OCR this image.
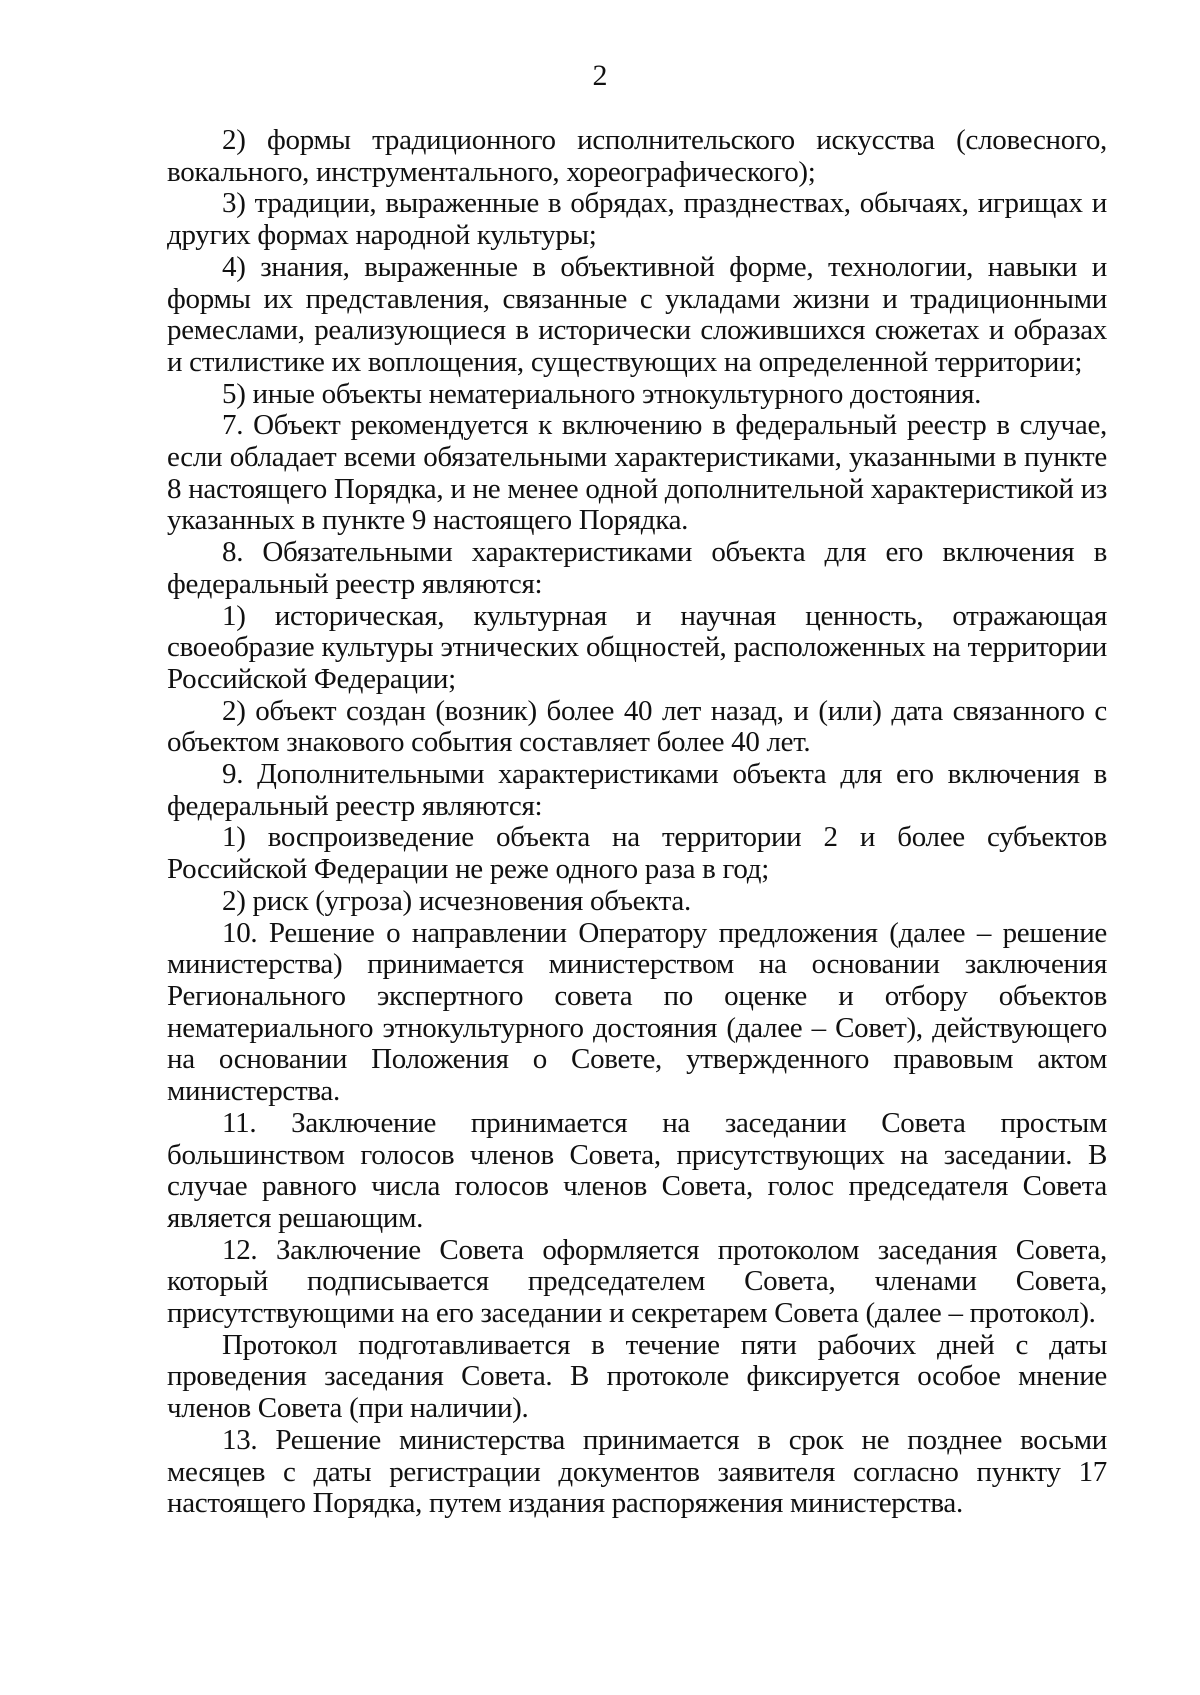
2

2) формы традиционного исполнительского искусства (словесного, вокального, инструментального, хореографического);

3) традиции, выраженные в обрядах, празднествах, обычаях, игрищах и других формах народной культуры;

4) знания, выраженные в объективной форме, технологии, навыки и формы их представления, связанные с укладами жизни и традиционными ремеслами, реализующиеся в исторически сложившихся сюжетах и образах и стилистике их воплощения, существующих на определенной территории;

5) иные объекты нематериального этнокультурного достояния.

7. Объект рекомендуется к включению в федеральный реестр в случае, если обладает всеми обязательными характеристиками, указанными в пункте 8 настоящего Порядка, и не менее одной дополнительной характеристикой из указанных в пункте 9 настоящего Порядка.

8. Обязательными характеристиками объекта для его включения в федеральный реестр являются:

1) историческая, культурная и научная ценность, отражающая своеобразие культуры этнических общностей, расположенных на территории Российской Федерации;

2) объект создан (возник) более 40 лет назад, и (или) дата связанного с объектом знакового события составляет более 40 лет.

9. Дополнительными характеристиками объекта для его включения в федеральный реестр являются:

1) воспроизведение объекта на территории 2 и более субъектов Российской Федерации не реже одного раза в год;

2) риск (угроза) исчезновения объекта.

10. Решение о направлении Оператору предложения (далее – решение министерства) принимается министерством на основании заключения Регионального экспертного совета по оценке и отбору объектов нематериального этнокультурного достояния (далее – Совет), действующего на основании Положения о Совете, утвержденного правовым актом министерства.

11. Заключение принимается на заседании Совета простым большинством голосов членов Совета, присутствующих на заседании. В случае равного числа голосов членов Совета, голос председателя Совета является решающим.

12. Заключение Совета оформляется протоколом заседания Совета, который подписывается председателем Совета, членами Совета, присутствующими на его заседании и секретарем Совета (далее – протокол).

Протокол подготавливается в течение пяти рабочих дней с даты проведения заседания Совета. В протоколе фиксируется особое мнение членов Совета (при наличии).

13. Решение министерства принимается в срок не позднее восьми месяцев с даты регистрации документов заявителя согласно пункту 17 настоящего Порядка, путем издания распоряжения министерства.
